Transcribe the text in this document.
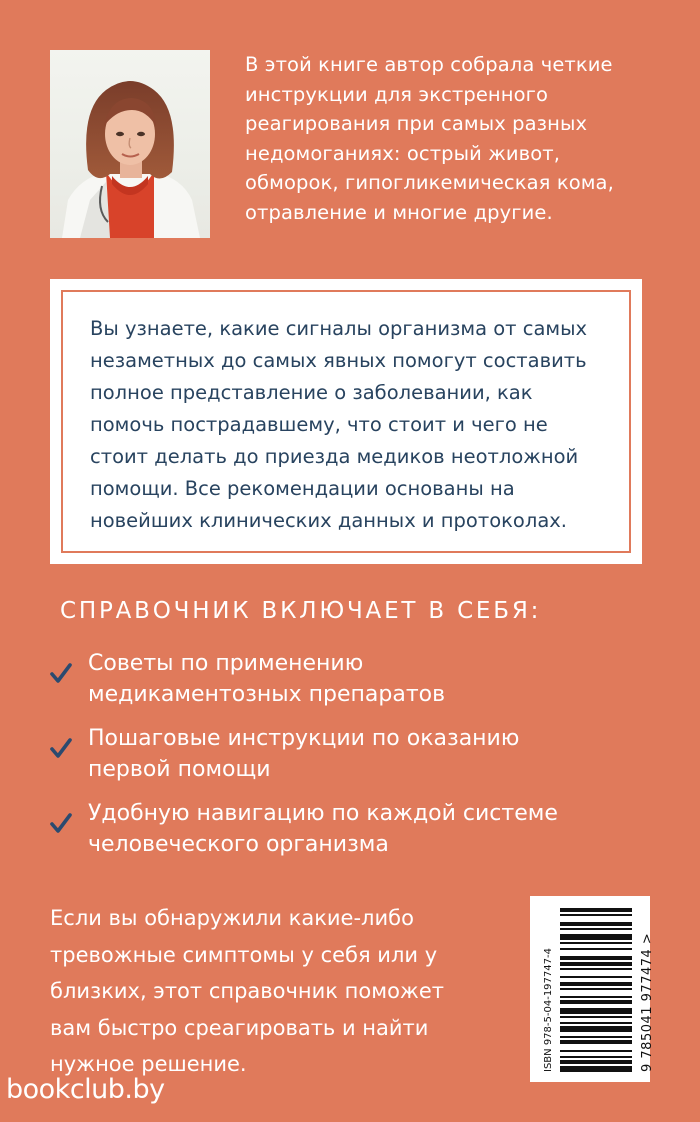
В этой книге автор собрала четкие
инструкции для экстренного
реагирования при самых разных
недомоганиях: острый живот,
обморок, гипогликемическая кома,
отравление и многие другие.
Вы узнаете, какие сигналы организма от самых
незаметных до самых явных помогут составить
полное представление о заболевании, как
помочь пострадавшему, что стоит и чего не
стоит делать до приезда медиков неотложной
помощи. Все рекомендации основаны на
новейших клинических данных и протоколах.
СПРАВОЧНИК ВКЛЮЧАЕТ В СЕБЯ:
Советы по применению
медикаментозных препаратов
Пошаговые инструкции по оказанию
первой помощи
Удобную навигацию по каждой системе
человеческого организма
Если вы обнаружили какие-либо
тревожные симптомы у себя или у
близких, этот справочник поможет
вам быстро среагировать и найти
нужное решение.	ISBN 978-5-04-197747-4	9 785041 977474 >
bookclub.by
